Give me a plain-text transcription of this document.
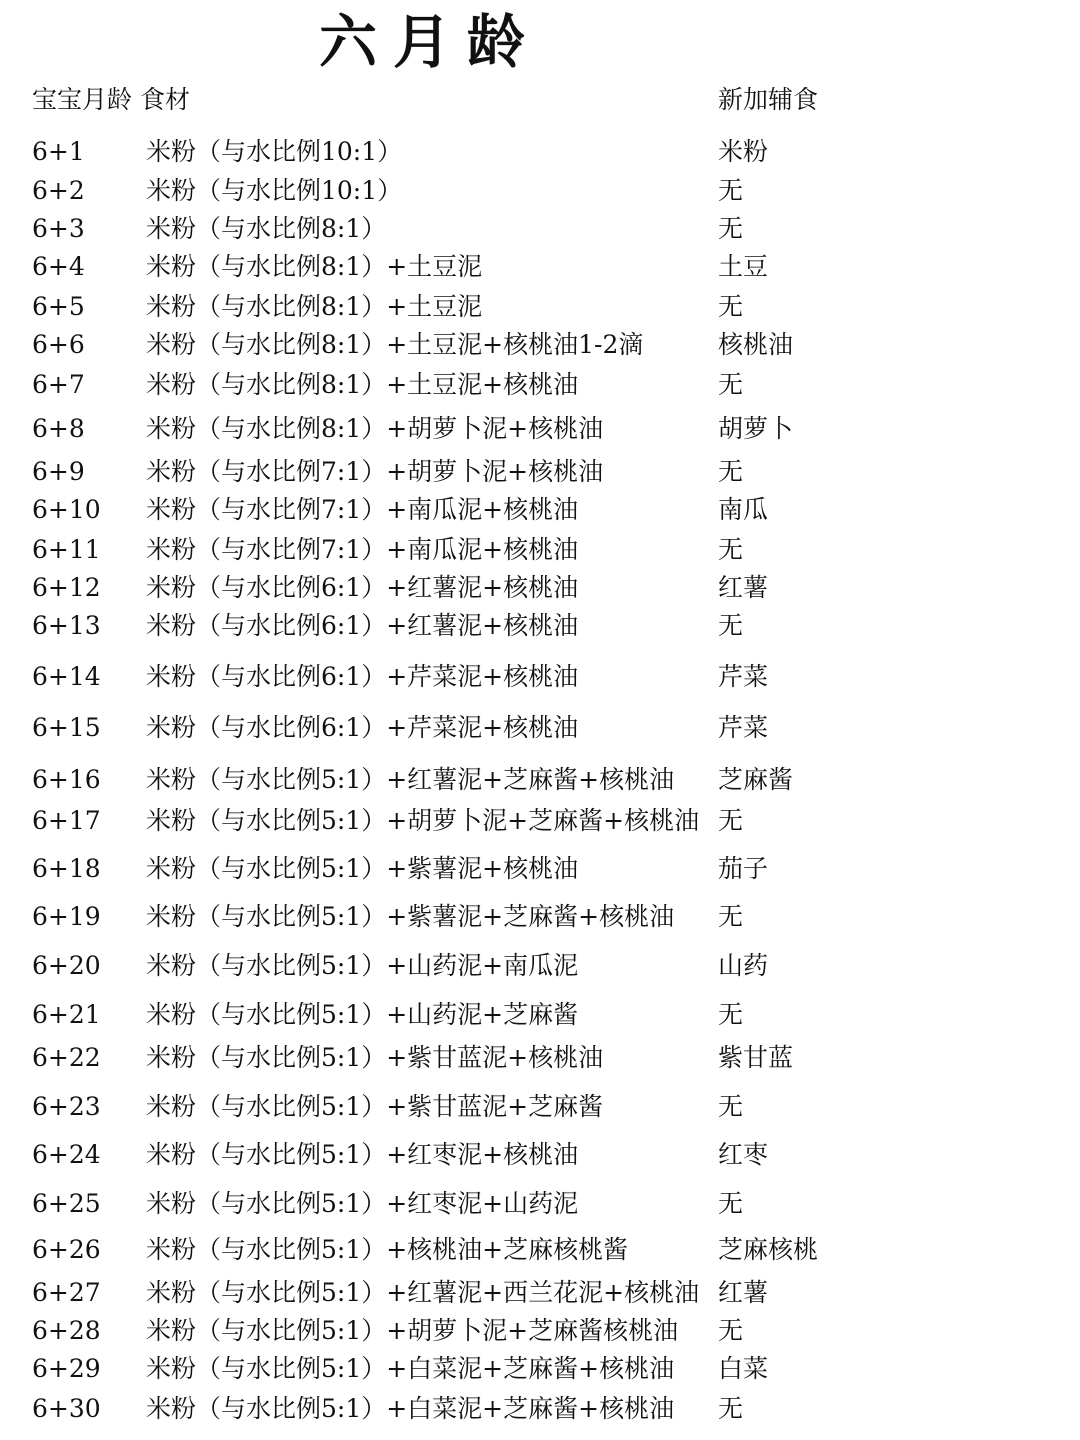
六月龄
宝宝月龄 食材	新加辅食
6+1 米粉（与水比例10:1）	米粉
6+2 米粉（与水比例10:1）	无
6+3 米粉（与水比例8:1）	无
6+4 米粉（与水比例8:1）+土豆泥	土豆
6+5 米粉（与水比例8:1）+土豆泥	无
6+6 米粉（与水比例8:1）+土豆泥+核桃油1-2滴	核桃油
6+7 米粉（与水比例8:1）+土豆泥+核桃油	无
6+8 米粉（与水比例8:1）+胡萝卜泥+核桃油	胡萝卜
6+9 米粉（与水比例7:1）+胡萝卜泥+核桃油	无
6+10 米粉（与水比例7:1）+南瓜泥+核桃油	南瓜
6+11 米粉（与水比例7:1）+南瓜泥+核桃油	无
6+12 米粉（与水比例6:1）+红薯泥+核桃油	红薯
6+13 米粉（与水比例6:1）+红薯泥+核桃油	无
6+14 米粉（与水比例6:1）+芹菜泥+核桃油	芹菜
6+15 米粉（与水比例6:1）+芹菜泥+核桃油	芹菜
6+16 米粉（与水比例5:1）+红薯泥+芝麻酱+核桃油 芝麻酱
6+17 米粉（与水比例5:1）+胡萝卜泥+芝麻酱+核桃油 无
6+18 米粉（与水比例5:1）+紫薯泥+核桃油	茄子
6+19 米粉（与水比例5:1）+紫薯泥+芝麻酱+核桃油 无
6+20 米粉（与水比例5:1）+山药泥+南瓜泥	山药
6+21 米粉（与水比例5:1）+山药泥+芝麻酱	无
6+22 米粉（与水比例5:1）+紫甘蓝泥+核桃油	紫甘蓝
6+23 米粉（与水比例5:1）+紫甘蓝泥+芝麻酱	无
6+24 米粉（与水比例5:1）+红枣泥+核桃油	红枣
6+25 米粉（与水比例5:1）+红枣泥+山药泥	无
6+26 米粉（与水比例5:1）+核桃油+芝麻核桃酱	芝麻核桃
6+27 米粉（与水比例5:1）+红薯泥+西兰花泥+核桃油 红薯
6+28 米粉（与水比例5:1）+胡萝卜泥+芝麻酱核桃油 无
6+29 米粉（与水比例5:1）+白菜泥+芝麻酱+核桃油 白菜
6+30 米粉（与水比例5:1）+白菜泥+芝麻酱+核桃油 无
